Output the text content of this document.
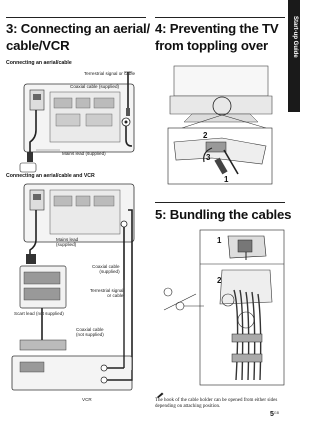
Start-up Guide
3: Connecting an aerial/
cable/VCR
Connecting an aerial/cable
Terrestrial signal or cable
Coaxial cable (supplied)
Mains lead (supplied)
Connecting an aerial/cable and VCR
Mains lead
(supplied)
Coaxial cable
(supplied)
Terrestrial signal
or cable
Scart lead (not supplied)
Coaxial cable
(not supplied)
VCR
4: Preventing the TV
from toppling over
2
3
1
5: Bundling the cables
1
2
The hook of the cable holder can be opened from either sides
depending on attaching position.
$5^{GB}$
